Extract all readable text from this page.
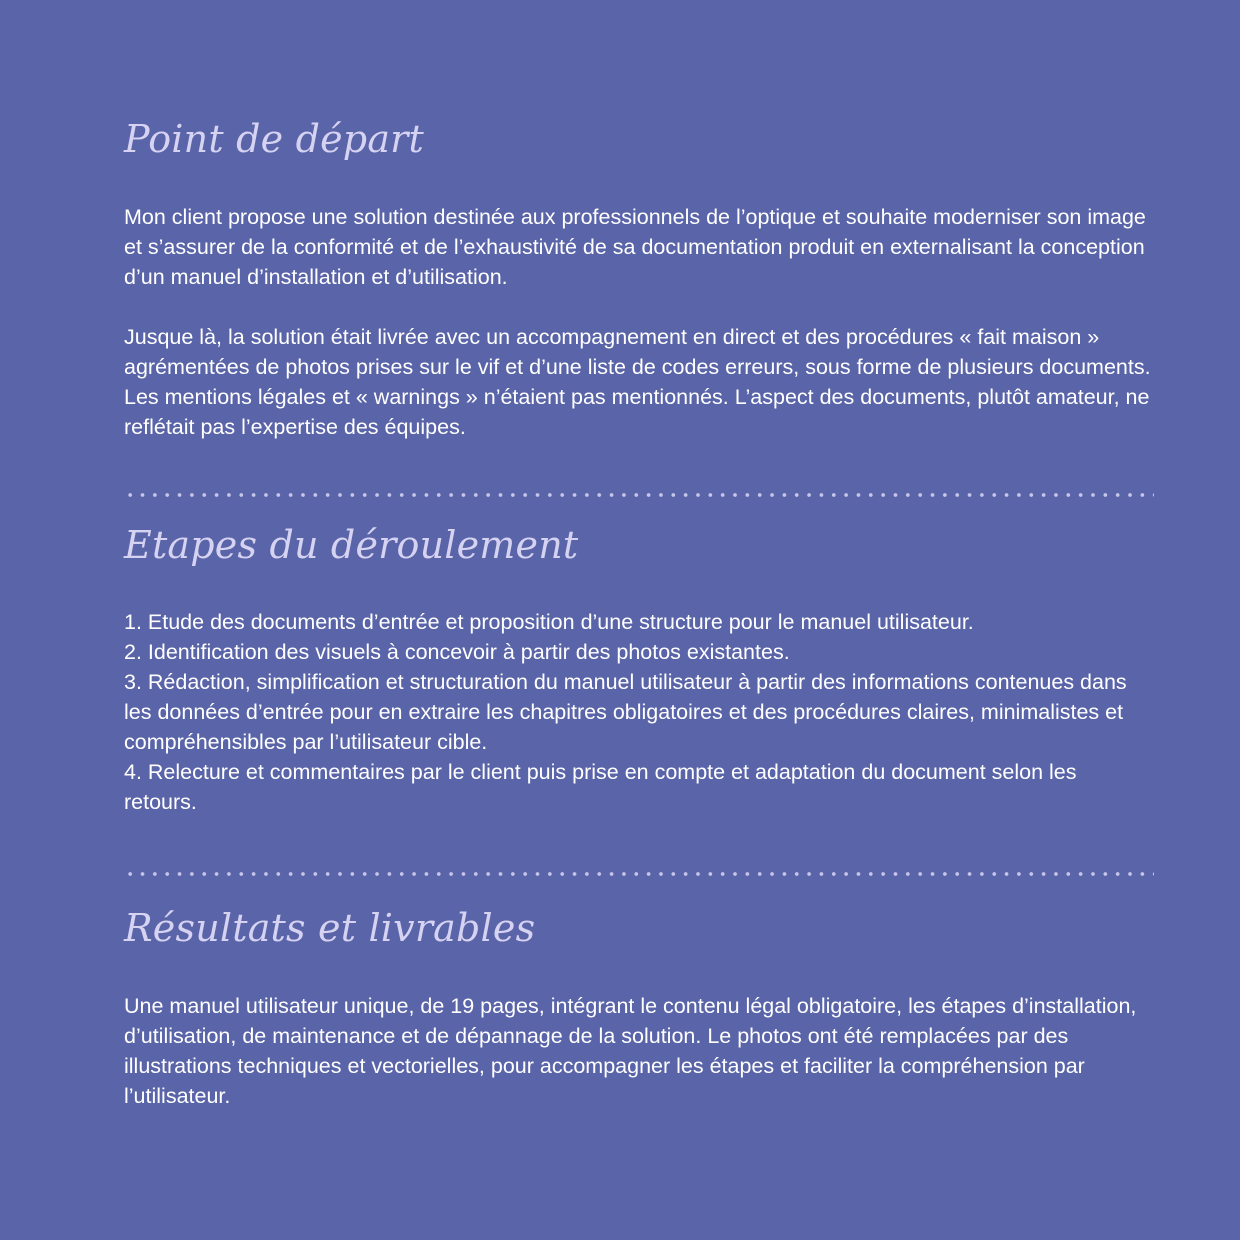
Point de départ

Mon client propose une solution destinée aux professionnels de l’optique et souhaite moderniser son image et s’assurer de la conformité et de l’exhaustivité de sa documentation produit en externalisant la conception d’un manuel d’installation et d’utilisation.

Jusque là, la solution était livrée avec un accompagnement en direct et des procédures « fait maison » agrémentées de photos prises sur le vif et d’une liste de codes erreurs, sous forme de plusieurs documents. Les mentions légales et « warnings » n’étaient pas mentionnés. L’aspect des documents, plutôt amateur, ne reflétait pas l’expertise des équipes.

Etapes du déroulement
1. Etude des documents d’entrée et proposition d’une structure pour le manuel utilisateur.
2. Identification des visuels à concevoir à partir des photos existantes.
3. Rédaction, simplification et structuration du manuel utilisateur à partir des informations contenues dans les données d’entrée pour en extraire les chapitres obligatoires et des procédures claires, minimalistes et compréhensibles par l’utilisateur cible.
4. Relecture et commentaires par le client puis prise en compte et adaptation du document selon les retours.
Résultats et livrables

Une manuel utilisateur unique, de 19 pages, intégrant le contenu légal obligatoire, les étapes d’installation, d’utilisation, de maintenance et de dépannage de la solution. Le photos ont été remplacées par des illustrations techniques et vectorielles, pour accompagner les étapes et faciliter la compréhension par l’utilisateur.
